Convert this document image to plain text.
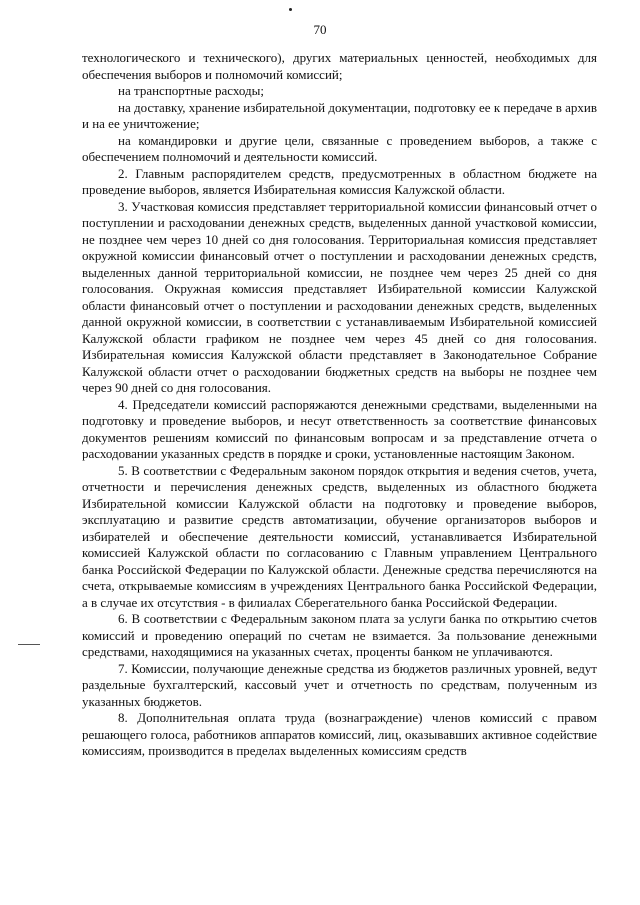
70

технологического и технического), других материальных ценностей, необходимых для обеспечения выборов и полномочий комиссий;

на транспортные расходы;

на доставку, хранение избирательной документации, подготовку ее к передаче в архив и на ее уничтожение;

на командировки и другие цели, связанные с проведением выборов, а также с обеспечением полномочий и деятельности комиссий.

2. Главным распорядителем средств, предусмотренных в областном бюджете на проведение выборов, является Избирательная комиссия Калужской области.

3. Участковая комиссия представляет территориальной комиссии финансовый отчет о поступлении и расходовании денежных средств, выделенных данной участковой комиссии, не позднее чем через 10 дней со дня голосования. Территориальная комиссия представляет окружной комиссии финансовый отчет о поступлении и расходовании денежных средств, выделенных данной территориальной комиссии, не позднее чем через 25 дней со дня голосования. Окружная комиссия представляет Избирательной комиссии Калужской области финансовый отчет о поступлении и расходовании денежных средств, выделенных данной окружной комиссии, в соответствии с устанавливаемым Избирательной комиссией Калужской области графиком не позднее чем через 45 дней со дня голосования. Избирательная комиссия Калужской области представляет в Законодательное Собрание Калужской области отчет о расходовании бюджетных средств на выборы не позднее чем через 90 дней со дня голосования.

4. Председатели комиссий распоряжаются денежными средствами, выделенными на подготовку и проведение выборов, и несут ответственность за соответствие финансовых документов решениям комиссий по финансовым вопросам и за представление отчета о расходовании указанных средств в порядке и сроки, установленные настоящим Законом.

5. В соответствии с Федеральным законом порядок открытия и ведения счетов, учета, отчетности и перечисления денежных средств, выделенных из областного бюджета Избирательной комиссии Калужской области на подготовку и проведение выборов, эксплуатацию и развитие средств автоматизации, обучение организаторов выборов и избирателей и обеспечение деятельности комиссий, устанавливается Избирательной комиссией Калужской области по согласованию с Главным управлением Центрального банка Российской Федерации по Калужской области. Денежные средства перечисляются на счета, открываемые комиссиям в учреждениях Центрального банка Российской Федерации, а в случае их отсутствия - в филиалах Сберегательного банка Российской Федерации.

6. В соответствии с Федеральным законом плата за услуги банка по открытию счетов комиссий и проведению операций по счетам не взимается. За пользование денежными средствами, находящимися на указанных счетах, проценты банком не уплачиваются.

7. Комиссии, получающие денежные средства из бюджетов различных уровней, ведут раздельные бухгалтерский, кассовый учет и отчетность по средствам, полученным из указанных бюджетов.

8. Дополнительная оплата труда (вознаграждение) членов комиссий с правом решающего голоса, работников аппаратов комиссий, лиц, оказывавших активное содействие комиссиям, производится в пределах выделенных комиссиям средств
